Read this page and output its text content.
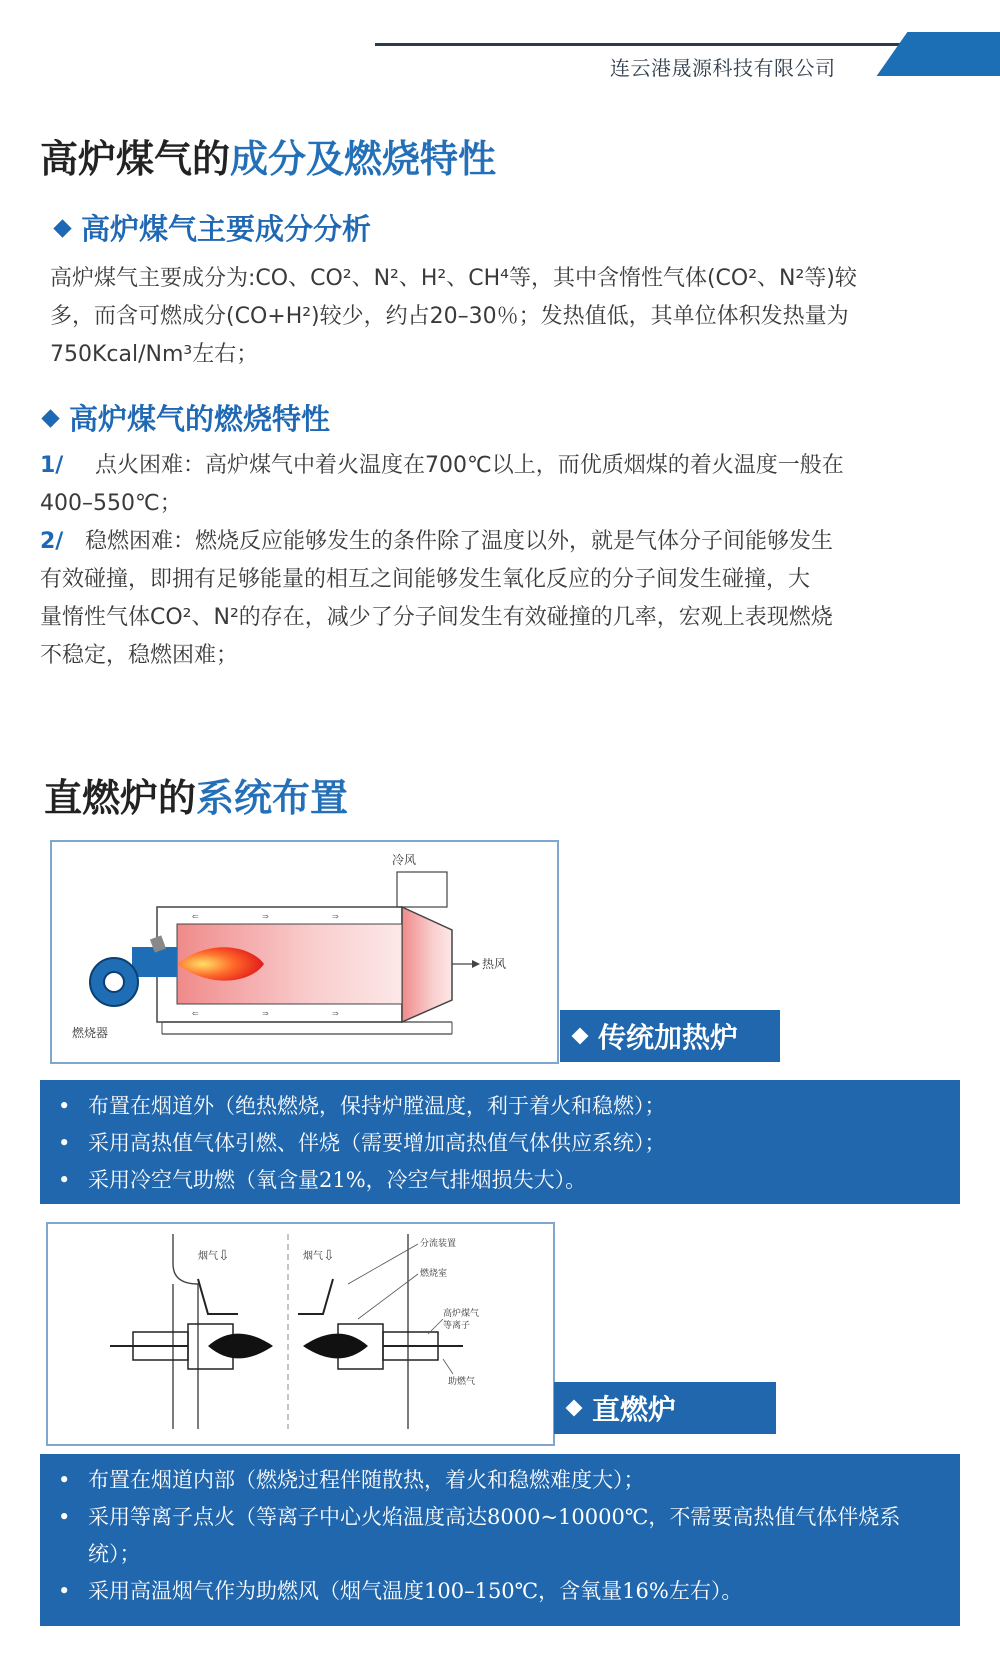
连云港晟源科技有限公司
高炉煤气的成分及燃烧特性
高炉煤气主要成分分析
高炉煤气主要成分为:CO、CO²、N²、H²、CH⁴等，其中含惰性气体(CO²、N²等)较
多，而含可燃成分(CO+H²)较少，约占20–30％；发热值低，其单位体积发热量为
750Kcal/Nm³左右；
高炉煤气的燃烧特性
1/ 点火困难：高炉煤气中着火温度在700℃以上，而优质烟煤的着火温度一般在
400–550℃；
2/ 稳燃困难：燃烧反应能够发生的条件除了温度以外，就是气体分子间能够发生
有效碰撞，即拥有足够能量的相互之间能够发生氧化反应的分子间发生碰撞，大
量惰性气体CO²、N²的存在，减少了分子间发生有效碰撞的几率，宏观上表现燃烧
不稳定，稳燃困难；
直燃炉的系统布置
⇐	⇒	⇒
⇐	⇒	⇒
冷风
热风
燃烧器	传统加热炉
• 布置在烟道外（绝热燃烧，保持炉膛温度，利于着火和稳燃）；
• 采用高热值气体引燃、伴烧（需要增加高热值气体供应系统）；
• 采用冷空气助燃（氧含量21%，冷空气排烟损失大）。
烟气 ⇩	烟气 ⇩
分流装置
燃烧室
高炉煤气
等离子
助燃气
直燃炉
• 布置在烟道内部（燃烧过程伴随散热，着火和稳燃难度大）；
• 采用等离子点火（等离子中心火焰温度高达8000~10000℃，不需要高热值气体伴烧系统）；
• 采用高温烟气作为助燃风（烟气温度100–150℃，含氧量16%左右）。
